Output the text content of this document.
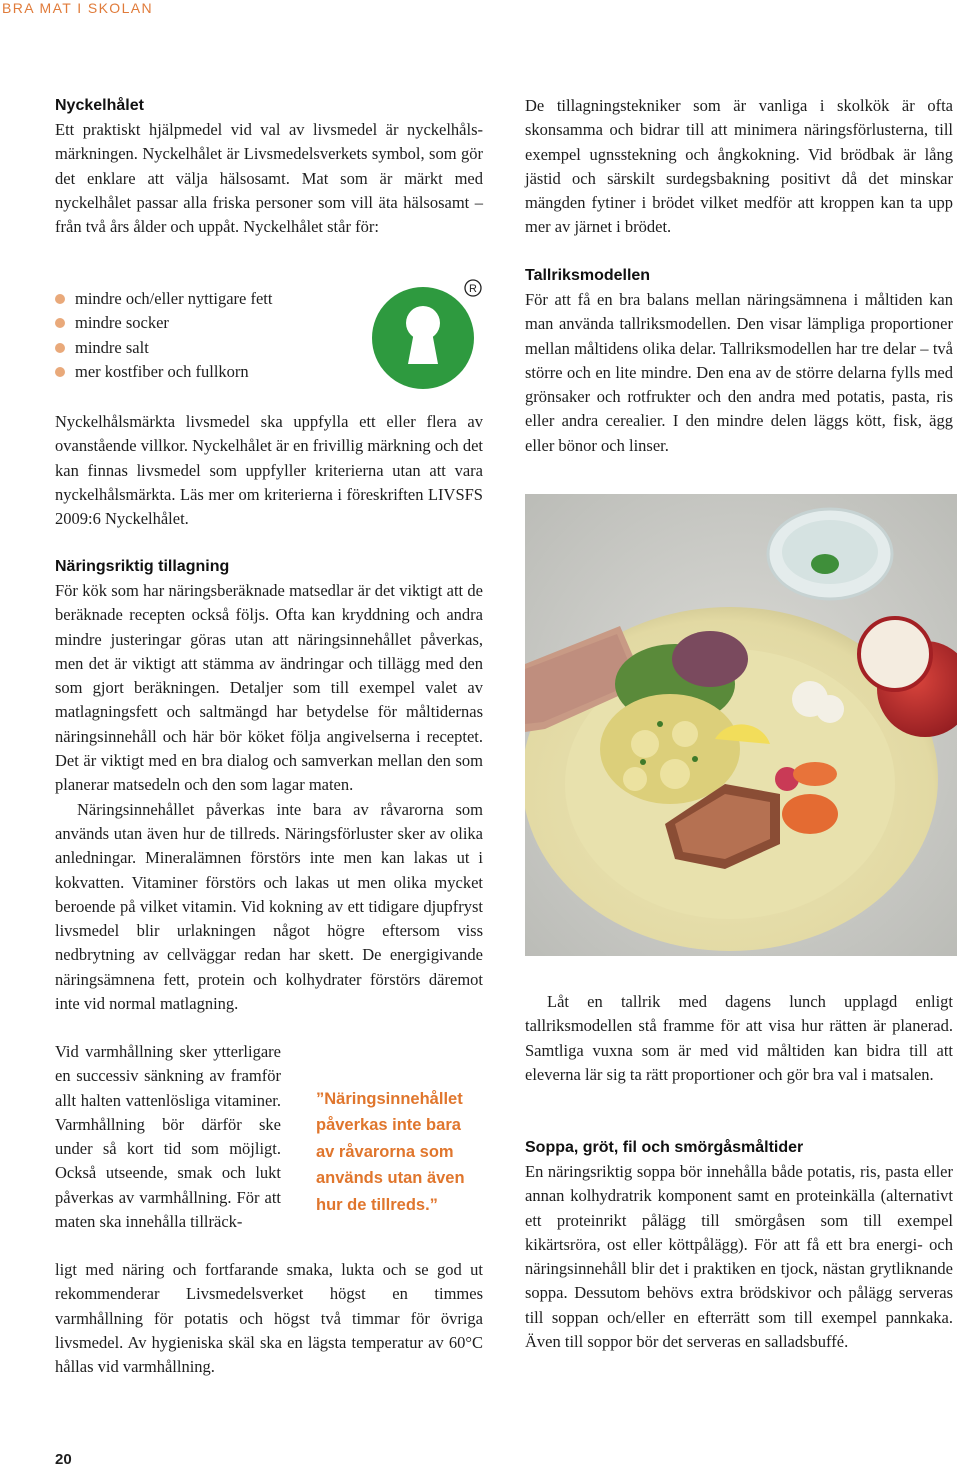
BRA MAT I SKOLAN
Nyckelhålet

Ett praktiskt hjälpmedel vid val av livsmedel är nyckelhåls-märkningen. Nyckelhålet är Livsmedelsverkets symbol, som gör det enklare att välja hälsosamt. Mat som är märkt med nyckelhålet passar alla friska personer som vill äta hälsosamt – från två års ålder och uppåt. Nyckelhålet står för:

mindre och/eller nyttigare fett
mindre socker
mindre salt
mer kostfiber och fullkorn
R

Nyckelhålsmärkta livsmedel ska uppfylla ett eller flera av ovanstående villkor. Nyckelhålet är en frivillig märkning och det kan finnas livsmedel som uppfyller kriterierna utan att vara nyckelhålsmärkta. Läs mer om kriterierna i föreskriften LIVSFS 2009:6 Nyckelhålet.

Näringsriktig tillagning

För kök som har näringsberäknade matsedlar är det viktigt att de beräknade recepten också följs. Ofta kan kryddning och andra mindre justeringar göras utan att näringsinnehållet påverkas, men det är viktigt att stämma av ändringar och tillägg med den som gjort beräkningen. Detaljer som till exempel valet av matlagningsfett och saltmängd har betydelse för måltidernas näringsinnehåll och här bör köket följa angivelserna i receptet. Det är viktigt med en bra dialog och samverkan mellan den som planerar matsedeln och den som lagar maten.

Näringsinnehållet påverkas inte bara av råvarorna som används utan även hur de tillreds. Näringsförluster sker av olika anledningar. Mineralämnen förstörs inte men kan lakas ut i kokvatten. Vitaminer förstörs och lakas ut men olika mycket beroende på vilket vitamin. Vid kokning av ett tidigare djupfryst livsmedel blir urlakningen något högre eftersom viss nedbrytning av cellväggar redan har skett. De energigivande näringsämnena fett, protein och kolhydrater förstörs däremot inte vid normal matlagning.

Vid varmhållning sker ytterligare en successiv sänkning av framför allt halten vattenlösliga vitaminer. Varmhållning bör därför ske under så kort tid som möjligt. Också utseende, smak och lukt påverkas av varmhållning. För att maten ska innehålla tillräck-

”Näringsinnehållet påverkas inte bara av råvarorna som används utan även hur de tillreds.”

ligt med näring och fortfarande smaka, lukta och se god ut rekommenderar Livsmedelsverket högst en timmes varmhållning för potatis och högst två timmar för övriga livsmedel. Av hygieniska skäl ska en lägsta temperatur av 60°C hållas vid varmhållning.

20

De tillagningstekniker som är vanliga i skolkök är ofta skonsamma och bidrar till att minimera näringsförlusterna, till exempel ugnsstekning och ångkokning. Vid brödbak är lång jästid och särskilt surdegsbakning positivt då det minskar mängden fytiner i brödet vilket medför att kroppen kan ta upp mer av järnet i brödet.

Tallriksmodellen

För att få en bra balans mellan näringsämnena i måltiden kan man använda tallriksmodellen. Den visar lämpliga proportioner mellan måltidens olika delar. Tallriksmodellen har tre delar – två större och en lite mindre. Den ena av de större delarna fylls med grönsaker och rotfrukter och den andra med potatis, pasta, ris eller andra cerealier. I den mindre delen läggs kött, fisk, ägg eller bönor och linser.

Låt en tallrik med dagens lunch upplagd enligt tallriksmodellen stå framme för att visa hur rätten är planerad. Samtliga vuxna som är med vid måltiden kan bidra till att eleverna lär sig ta rätt proportioner och gör bra val i matsalen.

Soppa, gröt, fil och smörgåsmåltider

En näringsriktig soppa bör innehålla både potatis, ris, pasta eller annan kolhydratrik komponent samt en proteinkälla (alternativt ett proteinrikt pålägg till smörgåsen som till exempel kikärtsröra, ost eller köttpålägg). För att få ett bra energi- och näringsinnehåll blir det i praktiken en tjock, nästan grytliknande soppa. Dessutom behövs extra brödskivor och pålägg serveras till soppan och/eller en efterrätt som till exempel pannkaka. Även till soppor bör det serveras en salladsbuffé.
